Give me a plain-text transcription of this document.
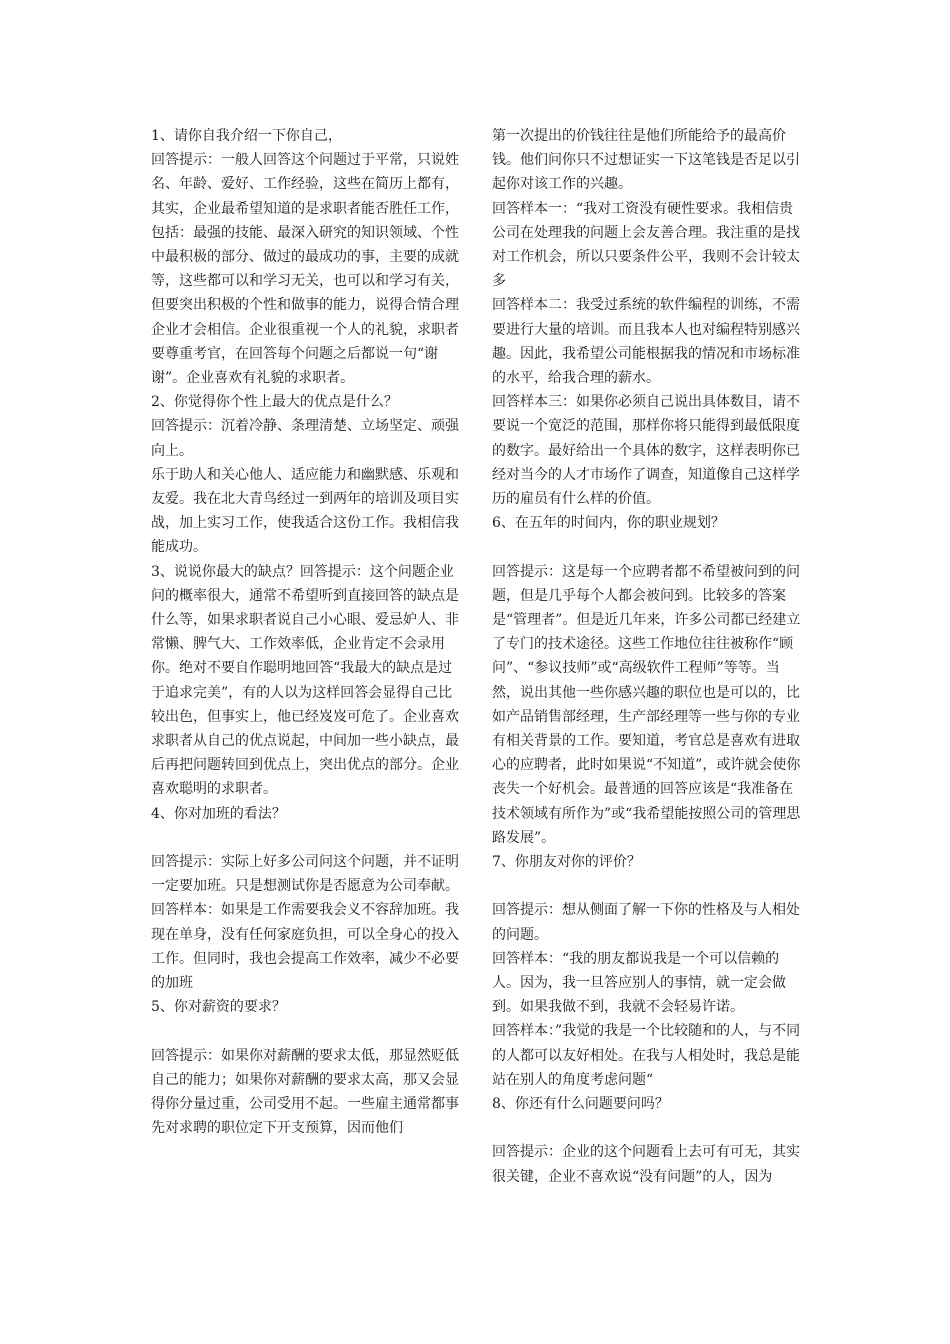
1、请你自我介绍一下你自己，

回答提示：一般人回答这个问题过于平常，只说姓名、年龄、爱好、工作经验，这些在简历上都有，其实，企业最希望知道的是求职者能否胜任工作，包括：最强的技能、最深入研究的知识领域、个性中最积极的部分、做过的最成功的事，主要的成就等，这些都可以和学习无关，也可以和学习有关，但要突出积极的个性和做事的能力，说得合情合理企业才会相信。企业很重视一个人的礼貌，求职者要尊重考官，在回答每个问题之后都说一句“谢谢”。企业喜欢有礼貌的求职者。

2、你觉得你个性上最大的优点是什么？

回答提示：沉着冷静、条理清楚、立场坚定、顽强向上。

乐于助人和关心他人、适应能力和幽默感、乐观和友爱。我在北大青鸟经过一到两年的培训及项目实战，加上实习工作，使我适合这份工作。我相信我能成功。

3、说说你最大的缺点？回答提示：这个问题企业问的概率很大，通常不希望听到直接回答的缺点是什么等，如果求职者说自己小心眼、爱忌妒人、非常懒、脾气大、工作效率低，企业肯定不会录用你。绝对不要自作聪明地回答“我最大的缺点是过于追求完美”，有的人以为这样回答会显得自己比较出色，但事实上，他已经岌岌可危了。企业喜欢求职者从自己的优点说起，中间加一些小缺点，最后再把问题转回到优点上，突出优点的部分。企业喜欢聪明的求职者。

4、你对加班的看法？

回答提示：实际上好多公司问这个问题，并不证明一定要加班。只是想测试你是否愿意为公司奉献。

回答样本：如果是工作需要我会义不容辞加班。我现在单身，没有任何家庭负担，可以全身心的投入工作。但同时，我也会提高工作效率，减少不必要的加班

5、你对薪资的要求？

回答提示：如果你对薪酬的要求太低，那显然贬低自己的能力；如果你对薪酬的要求太高，那又会显得你分量过重，公司受用不起。一些雇主通常都事先对求聘的职位定下开支预算，因而他们

第一次提出的价钱往往是他们所能给予的最高价钱。他们问你只不过想证实一下这笔钱是否足以引起你对该工作的兴趣。

回答样本一：“我对工资没有硬性要求。我相信贵公司在处理我的问题上会友善合理。我注重的是找对工作机会，所以只要条件公平，我则不会计较太多

回答样本二：我受过系统的软件编程的训练，不需要进行大量的培训。而且我本人也对编程特别感兴趣。因此，我希望公司能根据我的情况和市场标准的水平，给我合理的薪水。

回答样本三：如果你必须自己说出具体数目，请不要说一个宽泛的范围，那样你将只能得到最低限度的数字。最好给出一个具体的数字，这样表明你已经对当今的人才市场作了调查，知道像自己这样学历的雇员有什么样的价值。

6、在五年的时间内，你的职业规划？

回答提示：这是每一个应聘者都不希望被问到的问题，但是几乎每个人都会被问到。比较多的答案是“管理者”。但是近几年来，许多公司都已经建立了专门的技术途径。这些工作地位往往被称作“顾问”、“参议技师”或“高级软件工程师”等等。当然，说出其他一些你感兴趣的职位也是可以的，比如产品销售部经理，生产部经理等一些与你的专业有相关背景的工作。要知道，考官总是喜欢有进取心的应聘者，此时如果说“不知道”，或许就会使你丧失一个好机会。最普通的回答应该是“我准备在技术领域有所作为”或“我希望能按照公司的管理思路发展”。

7、你朋友对你的评价？

回答提示：想从侧面了解一下你的性格及与人相处的问题。

回答样本：“我的朋友都说我是一个可以信赖的人。因为，我一旦答应别人的事情，就一定会做到。如果我做不到，我就不会轻易许诺。

回答样本：”我觉的我是一个比较随和的人，与不同的人都可以友好相处。在我与人相处时，我总是能站在别人的角度考虑问题“

8、你还有什么问题要问吗？

回答提示：企业的这个问题看上去可有可无，其实很关键，企业不喜欢说“没有问题”的人，因为
